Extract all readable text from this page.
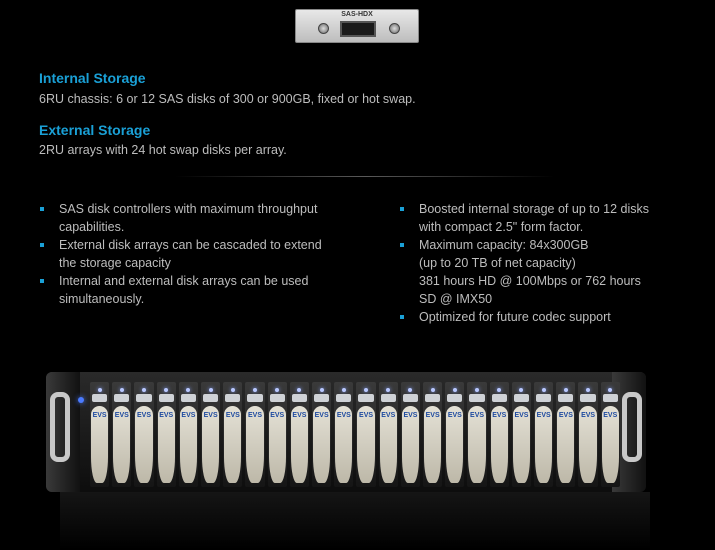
SAS-HDX
Internal Storage
6RU chassis: 6 or 12 SAS disks of 300 or 900GB, fixed or hot swap.
External Storage
2RU arrays with 24 hot swap disks per array.
SAS disk controllers with maximum throughput
capabilities.
External disk arrays can be cascaded to extend
the storage capacity
Internal and external disk arrays can be used
simultaneously.
Boosted internal storage of up to 12 disks
with compact 2.5" form factor.
Maximum capacity: 84x300GB
(up to 20 TB of net capacity)
381 hours HD @ 100Mbps or 762 hours
SD @ IMX50
Optimized for future codec support
EVS	EVS	EVS	EVS	EVS	EVS	EVS	EVS	EVS	EVS	EVS	EVS	EVS	EVS	EVS	EVS	EVS	EVS	EVS	EVS	EVS	EVS	EVS	EVS
